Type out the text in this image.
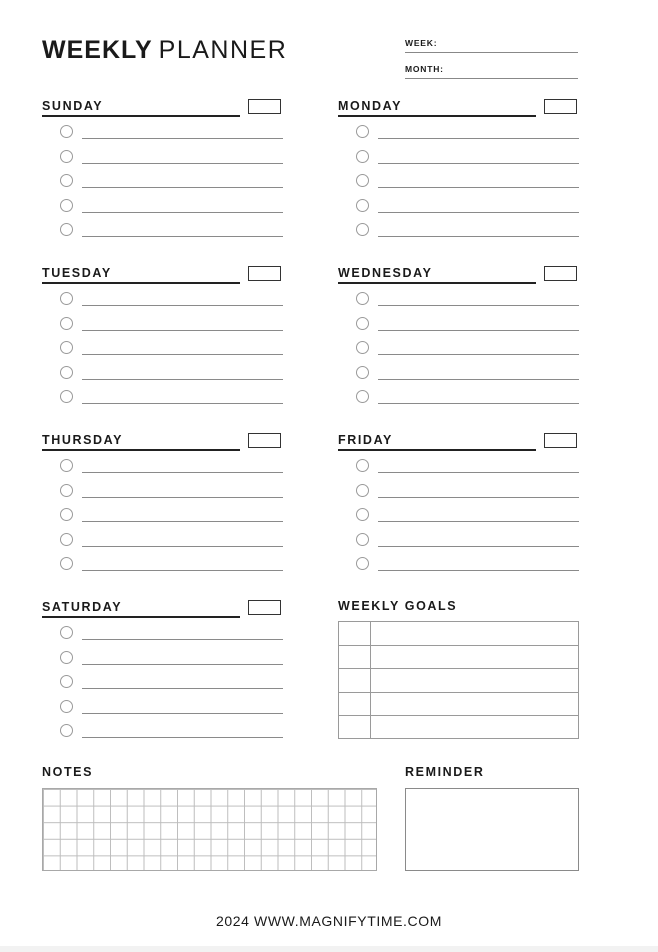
WEEKLY PLANNER	WEEK:
MONTH:
SUNDAY	MONDAY
TUESDAY	WEDNESDAY
THURSDAY	FRIDAY
SATURDAY	WEEKLY GOALS
NOTES	REMINDER
2024 WWW.MAGNIFYTIME.COM
